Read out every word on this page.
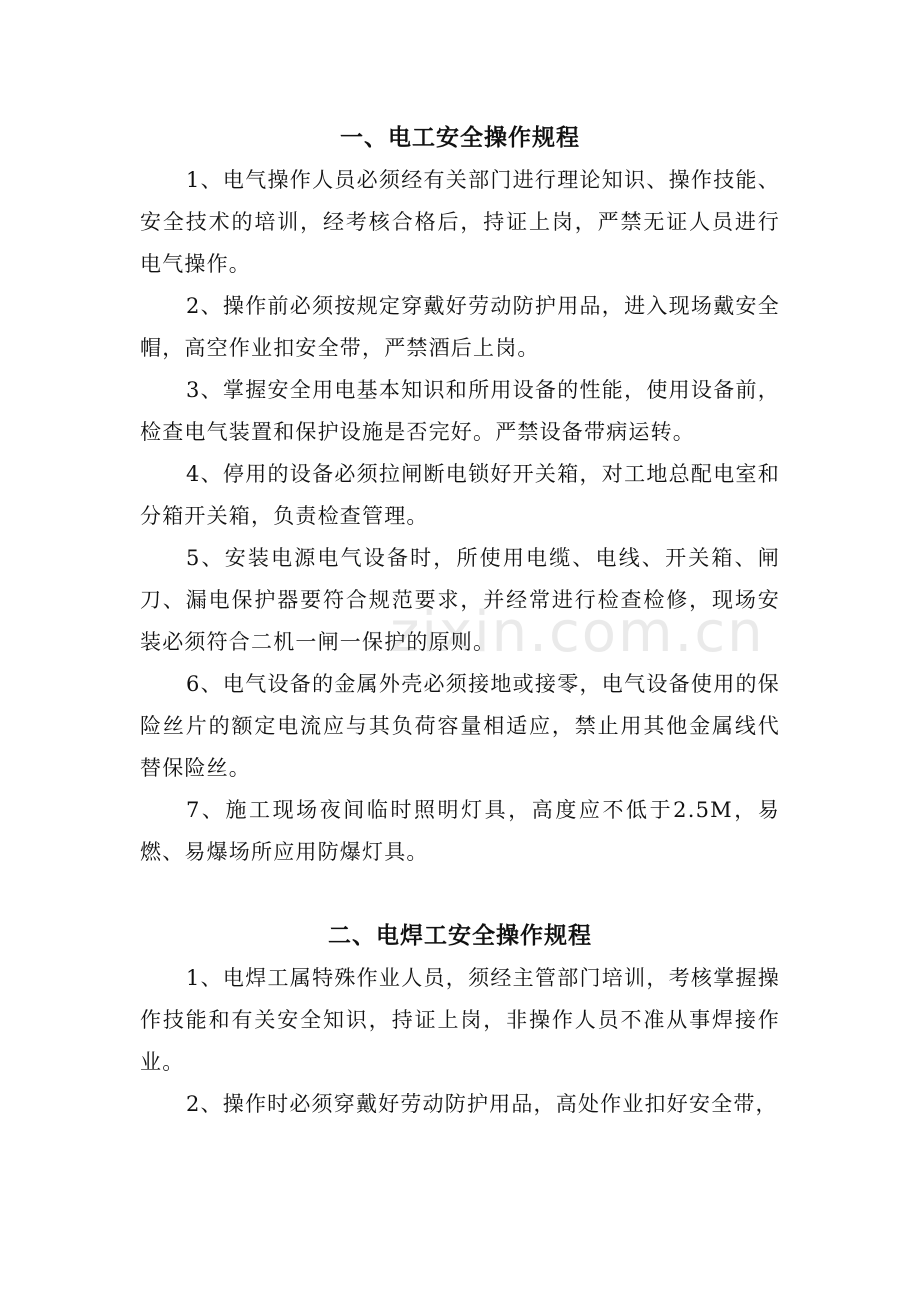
zixin.com.cn
一、电工安全操作规程

1、电气操作人员必须经有关部门进行理论知识、操作技能、安全技术的培训，经考核合格后，持证上岗，严禁无证人员进行电气操作。

2、操作前必须按规定穿戴好劳动防护用品，进入现场戴安全帽，高空作业扣安全带，严禁酒后上岗。

3、掌握安全用电基本知识和所用设备的性能，使用设备前，检查电气装置和保护设施是否完好。严禁设备带病运转。

4、停用的设备必须拉闸断电锁好开关箱，对工地总配电室和分箱开关箱，负责检查管理。

5、安装电源电气设备时，所使用电缆、电线、开关箱、闸刀、漏电保护器要符合规范要求，并经常进行检查检修，现场安装必须符合二机一闸一保护的原则。

6、电气设备的金属外壳必须接地或接零，电气设备使用的保险丝片的额定电流应与其负荷容量相适应，禁止用其他金属线代替保险丝。

7、施工现场夜间临时照明灯具，高度应不低于2.5M，易燃、易爆场所应用防爆灯具。

二、电焊工安全操作规程

1、电焊工属特殊作业人员，须经主管部门培训，考核掌握操作技能和有关安全知识，持证上岗，非操作人员不准从事焊接作业。

2、操作时必须穿戴好劳动防护用品，高处作业扣好安全带，
